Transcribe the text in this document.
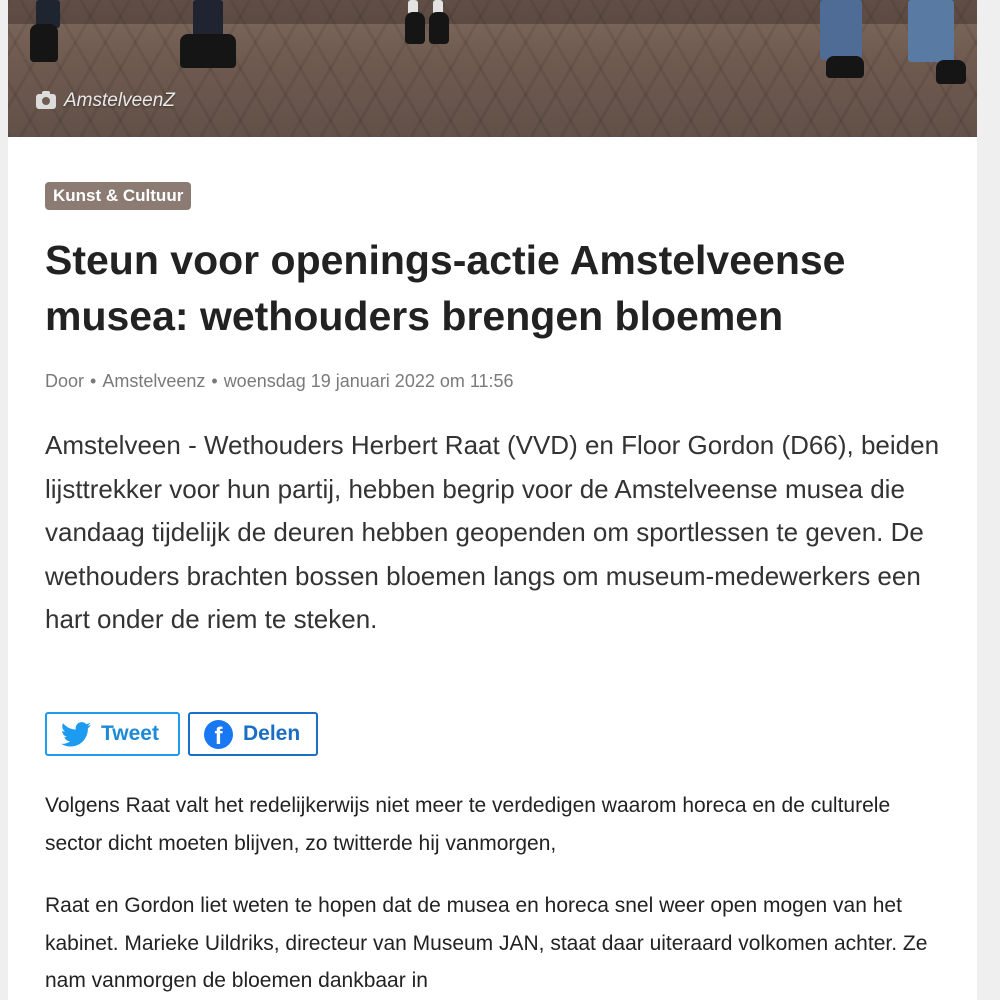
AmstelveenZ
Kunst & Cultuur
Steun voor openings-actie Amstelveense musea: wethouders brengen bloemen
Door • Amstelveenz • woensdag 19 januari 2022 om 11:56

Amstelveen - Wethouders Herbert Raat (VVD) en Floor Gordon (D66), beiden lijsttrekker voor hun partij, hebben begrip voor de Amstelveense musea die vandaag tijdelijk de deuren hebben geopenden om sportlessen te geven. De wethouders brachten bossen bloemen langs om museum-medewerkers een hart onder de riem te steken.

Tweet	f Delen

Volgens Raat valt het redelijkerwijs niet meer te verdedigen waarom horeca en de culturele sector dicht moeten blijven, zo twitterde hij vanmorgen,

Raat en Gordon liet weten te hopen dat de musea en horeca snel weer open mogen van het kabinet. Marieke Uildriks, directeur van Museum JAN, staat daar uiteraard volkomen achter. Ze nam vanmorgen de bloemen dankbaar in
